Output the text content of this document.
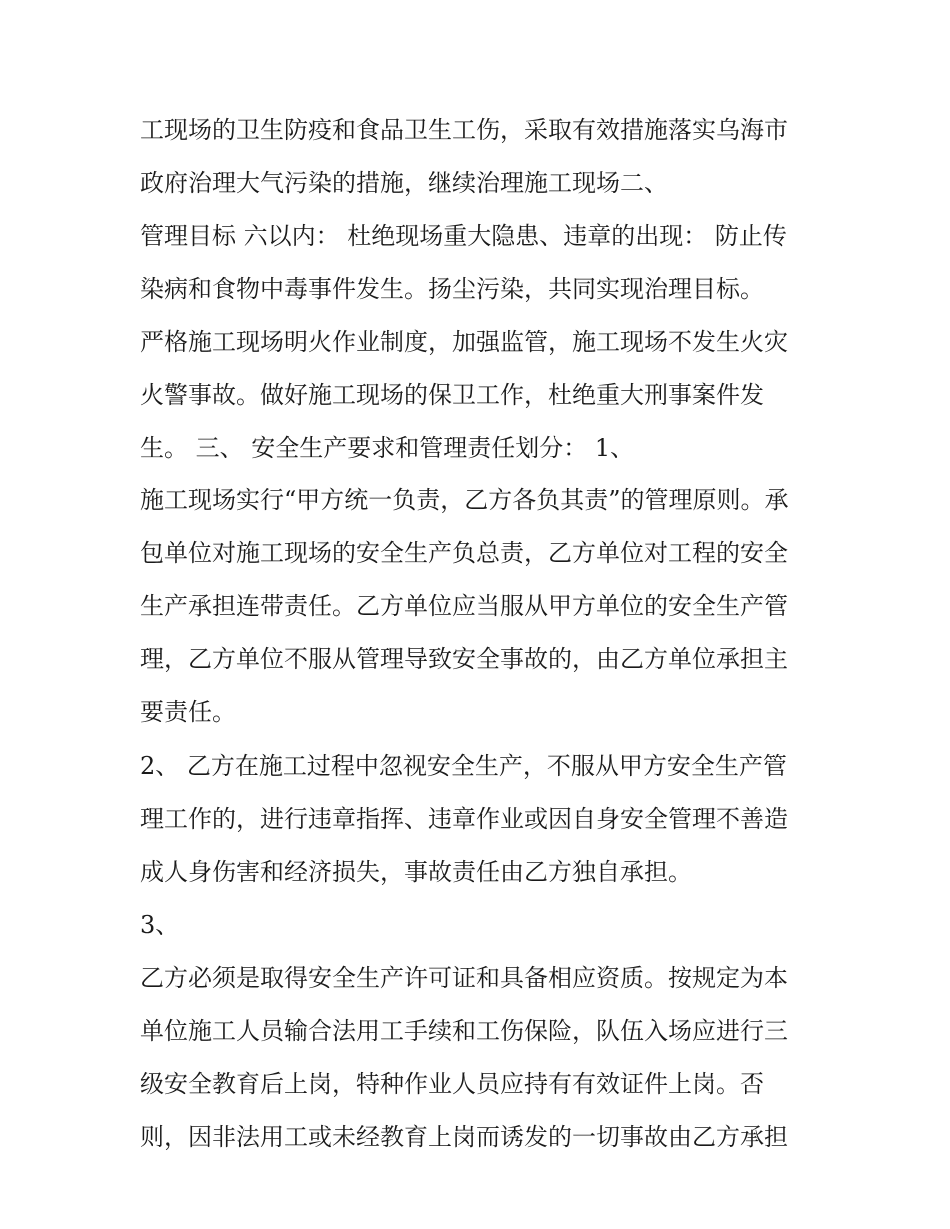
工现场的卫生防疫和食品卫生工伤，采取有效措施落实乌海市
政府治理大气污染的措施，继续治理施工现场二、
管理目标 六以内： 杜绝现场重大隐患、违章的出现： 防止传
染病和食物中毒事件发生。扬尘污染，共同实现治理目标。
严格施工现场明火作业制度，加强监管，施工现场不发生火灾
火警事故。做好施工现场的保卫工作，杜绝重大刑事案件发
生。 三、 安全生产要求和管理责任划分： 1、
施工现场实行“甲方统一负责，乙方各负其责”的管理原则。承
包单位对施工现场的安全生产负总责，乙方单位对工程的安全
生产承担连带责任。乙方单位应当服从甲方单位的安全生产管
理，乙方单位不服从管理导致安全事故的，由乙方单位承担主
要责任。
2、 乙方在施工过程中忽视安全生产，不服从甲方安全生产管
理工作的，进行违章指挥、违章作业或因自身安全管理不善造
成人身伤害和经济损失，事故责任由乙方独自承担。
3、
乙方必须是取得安全生产许可证和具备相应资质。按规定为本
单位施工人员输合法用工手续和工伤保险，队伍入场应进行三
级安全教育后上岗，特种作业人员应持有有效证件上岗。否
则，因非法用工或未经教育上岗而诱发的一切事故由乙方承担
